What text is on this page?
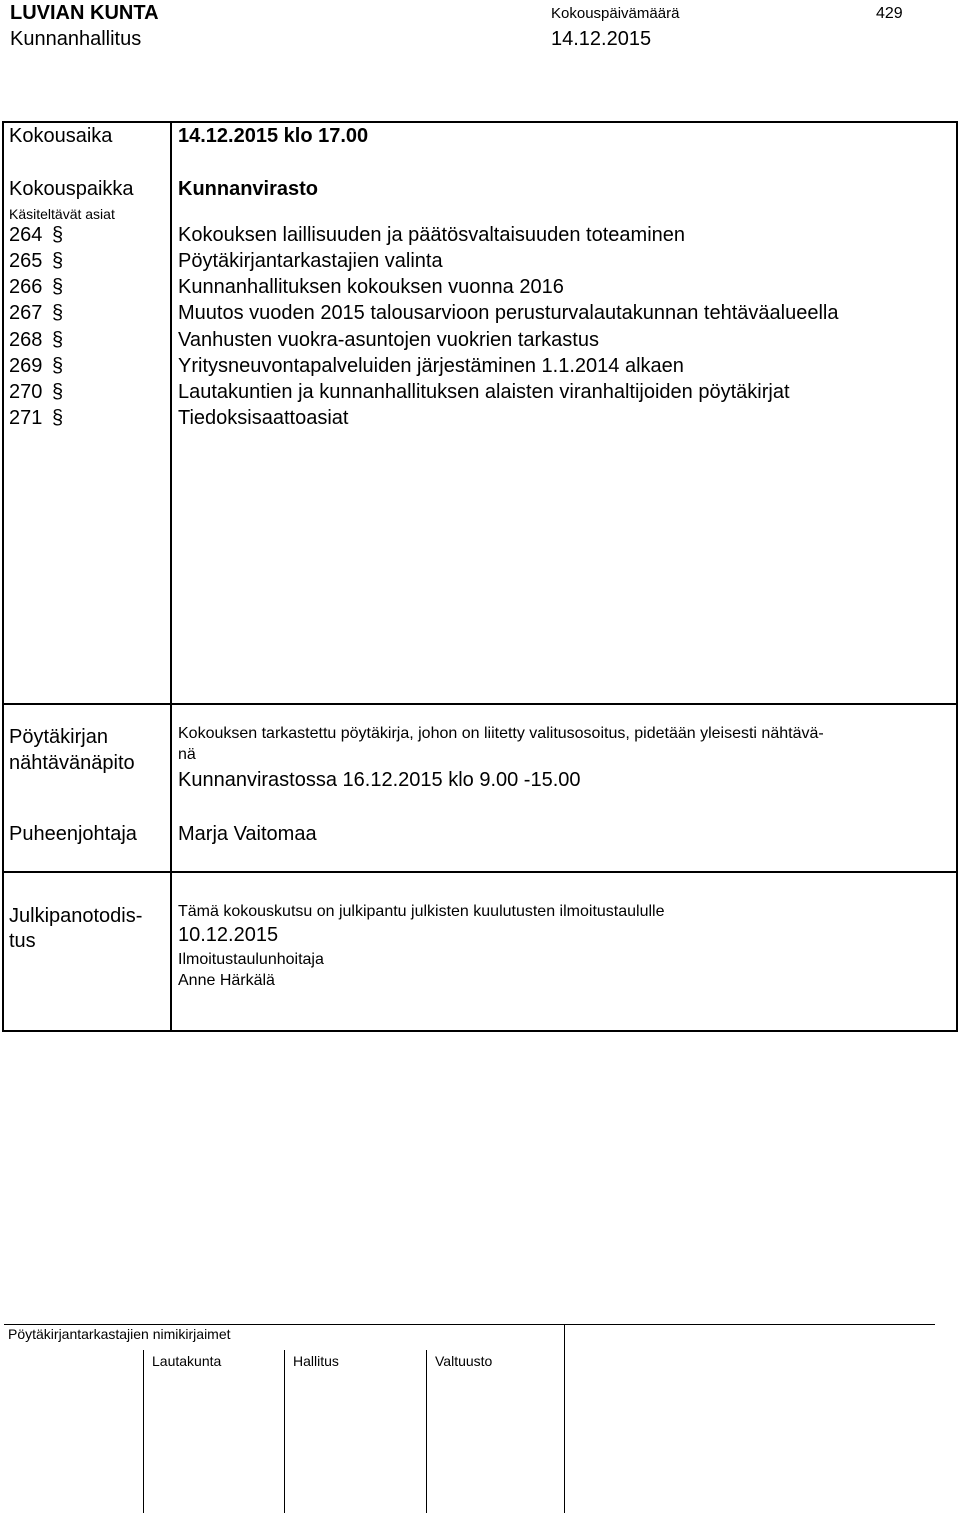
LUVIAN KUNTA
Kunnanhallitus
Kokouspäivämäärä	429
14.12.2015
Kokousaika	14.12.2015 klo 17.00
Kokouspaikka Kunnanvirasto
Käsiteltävät asiat
264 §	Kokouksen laillisuuden ja päätösvaltaisuuden toteaminen
265 §	Pöytäkirjantarkastajien valinta
266 §	Kunnanhallituksen kokouksen vuonna 2016
267 §	Muutos vuoden 2015 talousarvioon perusturvalautakunnan tehtäväalueella
268 §	Vanhusten vuokra-asuntojen vuokrien tarkastus
269 §	Yritysneuvontapalveluiden järjestäminen 1.1.2014 alkaen
270 §	Lautakuntien ja kunnanhallituksen alaisten viranhaltijoiden pöytäkirjat
271 §	Tiedoksisaattoasiat
Pöytäkirjan
nähtävänäpito
Kokouksen tarkastettu pöytäkirja, johon on liitetty valitusosoitus, pidetään yleisesti nähtävä-
nä
Kunnanvirastossa 16.12.2015 klo 9.00 -15.00
Puheenjohtaja Marja Vaitomaa
Julkipanotodis-
tus
Tämä kokouskutsu on julkipantu julkisten kuulutusten ilmoitustaululle
10.12.2015
Ilmoitustaulunhoitaja
Anne Härkälä
Pöytäkirjantarkastajien nimikirjaimet
Lautakunta	Hallitus	Valtuusto
